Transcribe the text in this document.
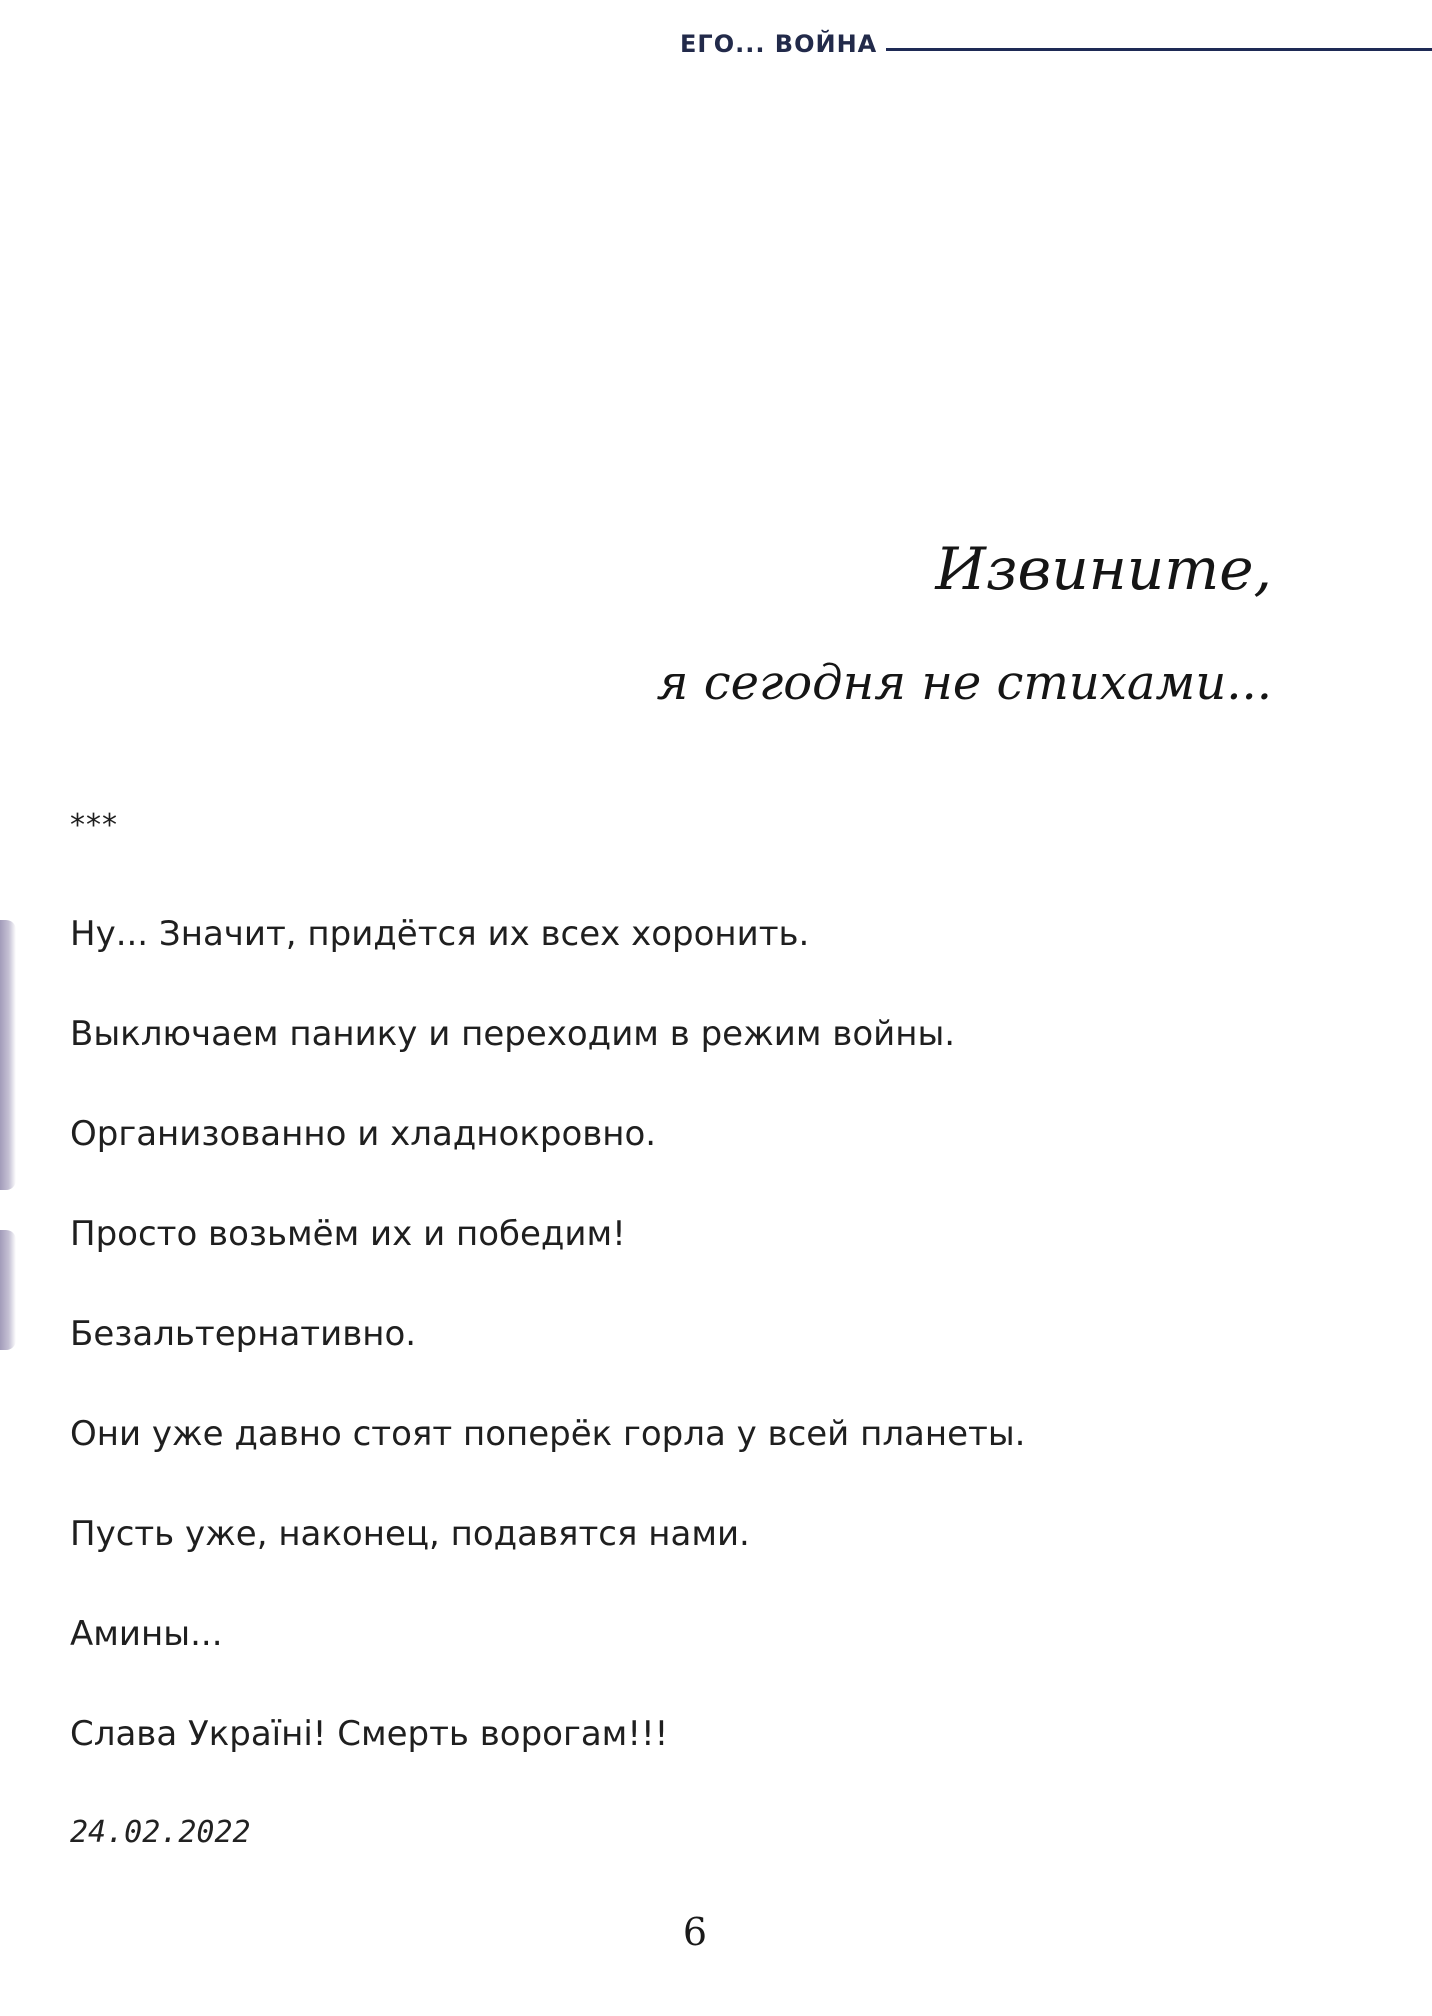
ЕГО... ВОЙНА
Извините,
я сегодня не стихами...
***
Ну... Значит, придётся их всех хоронить.
Выключаем панику и переходим в режим войны.
Организованно и хладнокровно.
Просто возьмём их и победим!
Безальтернативно.
Они уже давно стоят поперёк горла у всей планеты.
Пусть уже, наконец, подавятся нами.
Амины...
Слава Україні! Смерть ворогам!!!
24.02.2022
6
